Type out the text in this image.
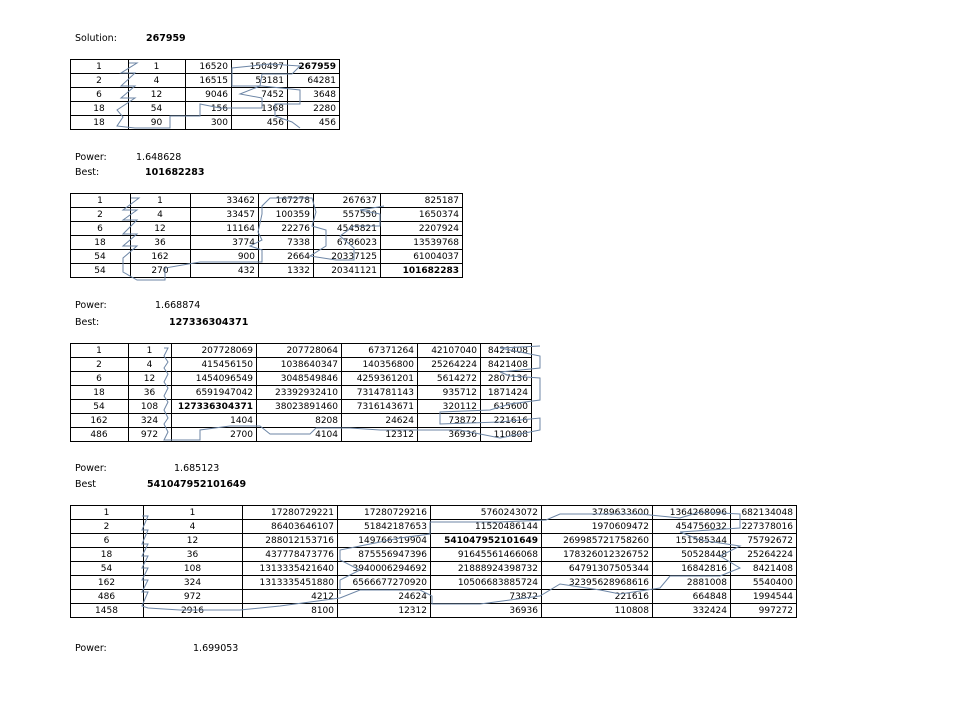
Solution:	267959
1	1	16520	150497	267959
2	4	16515	53181	64281
6	12	9046	7452	3648
18	54	156	1368	2280
18	90	300	456	456
Power:	1.648628
Best:	101682283
1	1	33462	167278	267637	825187
2	4	33457	100359	557550	1650374
6	12	11164	22276	4545821	2207924
18	36	3774	7338	6786023	13539768
54	162	900	2664	20337125	61004037
54	270	432	1332	20341121	101682283
Power:	1.668874
Best:	127336304371
1	1	207728069	207728064	67371264	42107040	8421408
2	4	415456150	1038640347	140356800	25264224	8421408
6	12	1454096549	3048549846	4259361201	5614272	2807136
18	36	6591947042	23392932410	7314781143	935712	1871424
54	108	127336304371	38023891460	7316143671	320112	615600
162	324	1404	8208	24624	73872	221616
486	972	2700	4104	12312	36936	110808
Power:	1.685123
Best	541047952101649
1	1	17280729221	17280729216	5760243072	3789633600	1364268096	682134048
2	4	86403646107	51842187653	11520486144	1970609472	454756032	227378016
6	12	288012153716	149766319904	541047952101649	269985721758260	151585344	75792672
18	36	437778473776	875556947396	91645561466068	178326012326752	50528448	25264224
54	108	1313335421640	3940006294692	21888924398732	64791307505344	16842816	8421408
162	324	1313335451880	6566677270920	10506683885724	32395628968616	2881008	5540400
486	972	4212	24624	73872	221616	664848	1994544
1458	2916	8100	12312	36936	110808	332424	997272
Power:	1.699053
